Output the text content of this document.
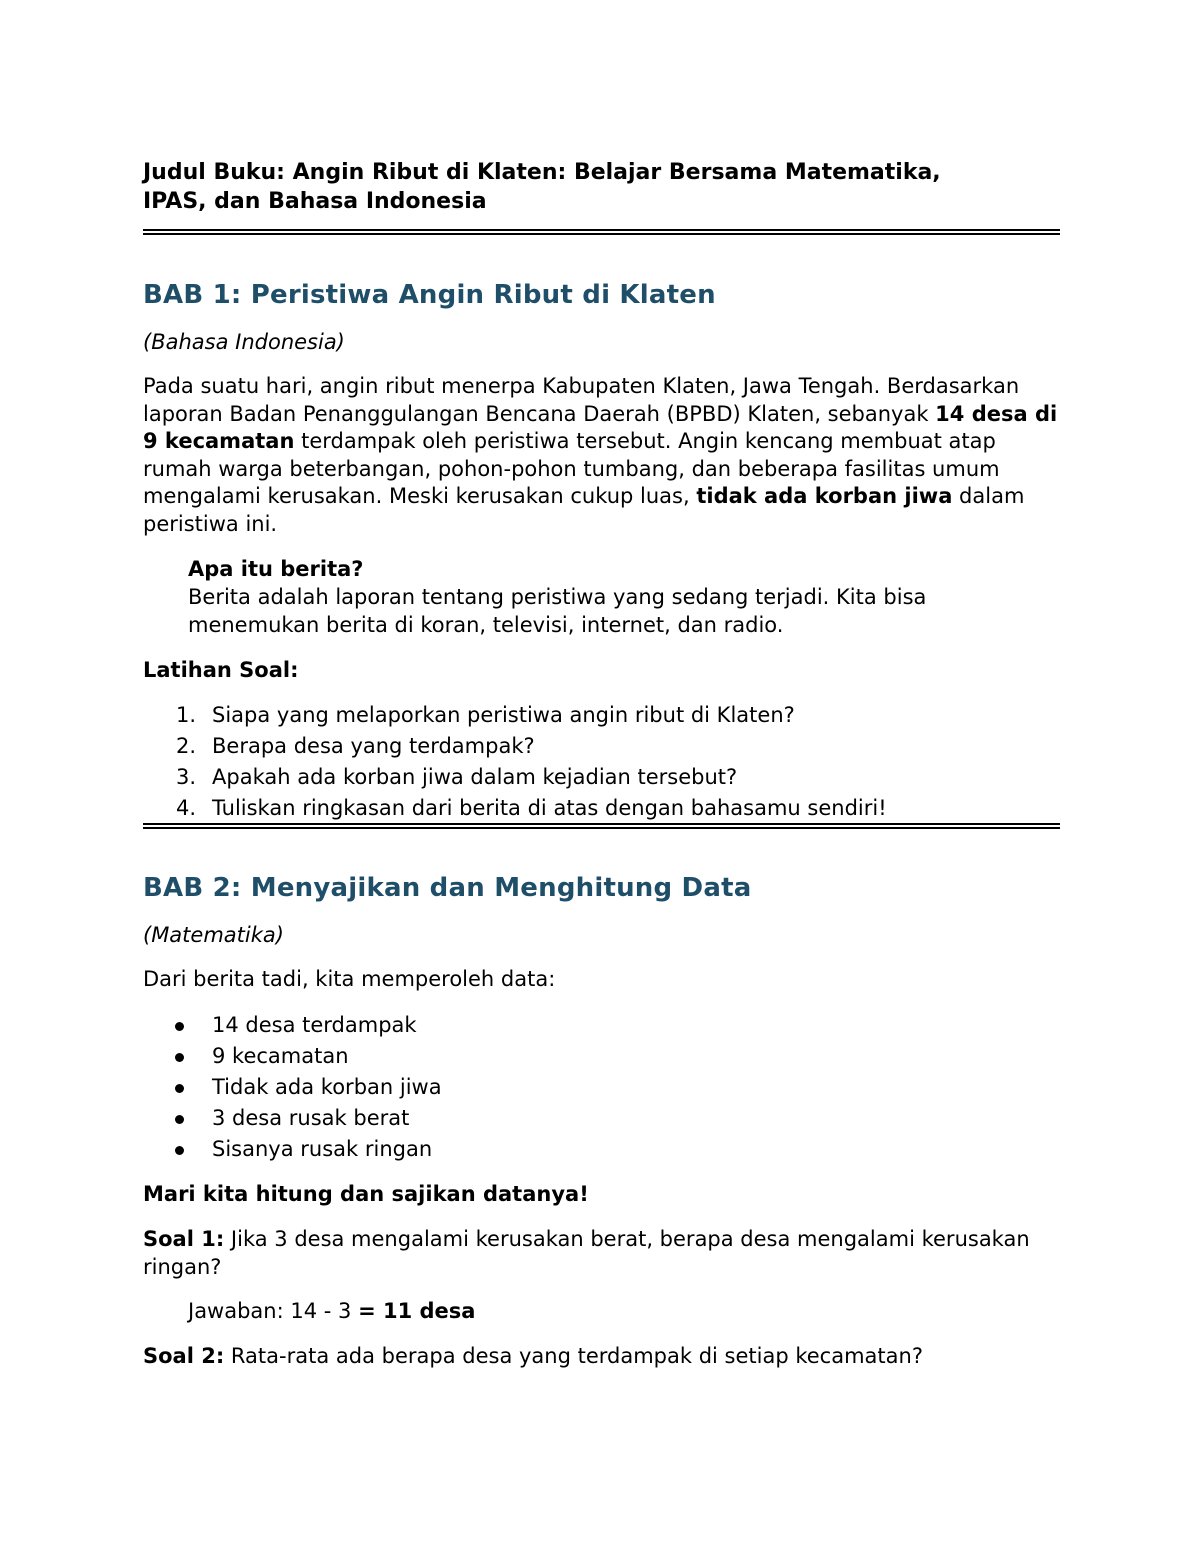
Judul Buku: Angin Ribut di Klaten: Belajar Bersama Matematika,
IPAS, dan Bahasa Indonesia
BAB 1: Peristiwa Angin Ribut di Klaten

(Bahasa Indonesia)

Pada suatu hari, angin ribut menerpa Kabupaten Klaten, Jawa Tengah. Berdasarkan laporan Badan Penanggulangan Bencana Daerah (BPBD) Klaten, sebanyak 14 desa di 9 kecamatan terdampak oleh peristiwa tersebut. Angin kencang membuat atap rumah warga beterbangan, pohon-pohon tumbang, dan beberapa fasilitas umum mengalami kerusakan. Meski kerusakan cukup luas, tidak ada korban jiwa dalam peristiwa ini.

Apa itu berita?
Berita adalah laporan tentang peristiwa yang sedang terjadi. Kita bisa menemukan berita di koran, televisi, internet, dan radio.

Latihan Soal:

1. Siapa yang melaporkan peristiwa angin ribut di Klaten?
2. Berapa desa yang terdampak?
3. Apakah ada korban jiwa dalam kejadian tersebut?
4. Tuliskan ringkasan dari berita di atas dengan bahasamu sendiri!
BAB 2: Menyajikan dan Menghitung Data

(Matematika)

Dari berita tadi, kita memperoleh data:

14 desa terdampak
9 kecamatan
Tidak ada korban jiwa
3 desa rusak berat
Sisanya rusak ringan

Mari kita hitung dan sajikan datanya!

Soal 1: Jika 3 desa mengalami kerusakan berat, berapa desa mengalami kerusakan ringan?

Jawaban: 14 - 3 = 11 desa

Soal 2: Rata-rata ada berapa desa yang terdampak di setiap kecamatan?
